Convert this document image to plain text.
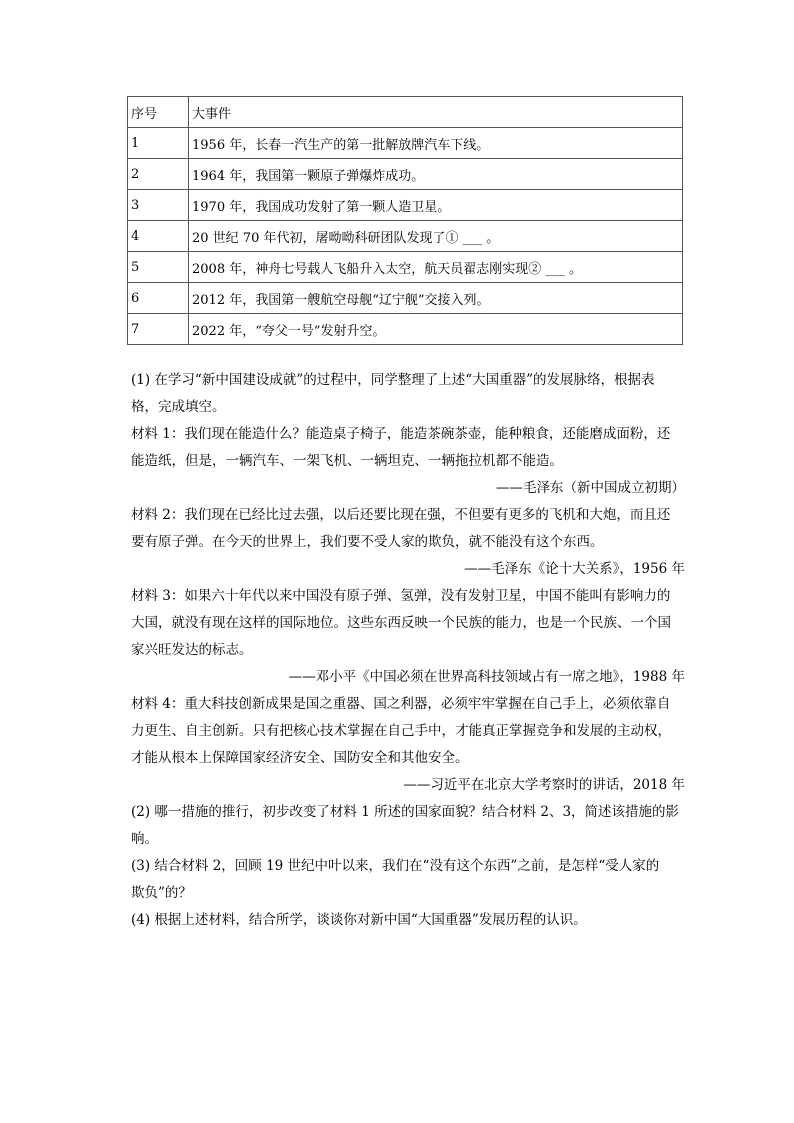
序号	大事件
1	1956 年，长春一汽生产的第一批解放牌汽车下线。
2	1964 年，我国第一颗原子弹爆炸成功。
3	1970 年，我国成功发射了第一颗人造卫星。
4	20 世纪 70 年代初，屠呦呦科研团队发现了① ___ 。
5	2008 年，神舟七号载人飞船升入太空，航天员翟志刚实现② ___ 。
6	2012 年，我国第一艘航空母舰“辽宁舰”交接入列。
7	2022 年，“夸父一号”发射升空。

(1) 在学习“新中国建设成就”的过程中，同学整理了上述“大国重器”的发展脉络，根据表

格，完成填空。

材料 1：我们现在能造什么？能造桌子椅子，能造茶碗茶壶，能种粮食，还能磨成面粉，还

能造纸，但是，一辆汽车、一架飞机、一辆坦克、一辆拖拉机都不能造。

——毛泽东（新中国成立初期）

材料 2：我们现在已经比过去强，以后还要比现在强，不但要有更多的飞机和大炮，而且还

要有原子弹。在今天的世界上，我们要不受人家的欺负，就不能没有这个东西。

——毛泽东《论十大关系》，1956 年

材料 3：如果六十年代以来中国没有原子弹、氢弹，没有发射卫星，中国不能叫有影响力的

大国，就没有现在这样的国际地位。这些东西反映一个民族的能力，也是一个民族、一个国

家兴旺发达的标志。

——邓小平《中国必须在世界高科技领域占有一席之地》，1988 年

材料 4：重大科技创新成果是国之重器、国之利器，必须牢牢掌握在自己手上，必须依靠自

力更生、自主创新。只有把核心技术掌握在自己手中，才能真正掌握竞争和发展的主动权，

才能从根本上保障国家经济安全、国防安全和其他安全。

——习近平在北京大学考察时的讲话，2018 年

(2) 哪一措施的推行，初步改变了材料 1 所述的国家面貌？结合材料 2、3，简述该措施的影

响。

(3) 结合材料 2，回顾 19 世纪中叶以来，我们在“没有这个东西”之前，是怎样“受人家的

欺负”的？

(4) 根据上述材料，结合所学，谈谈你对新中国“大国重器”发展历程的认识。
